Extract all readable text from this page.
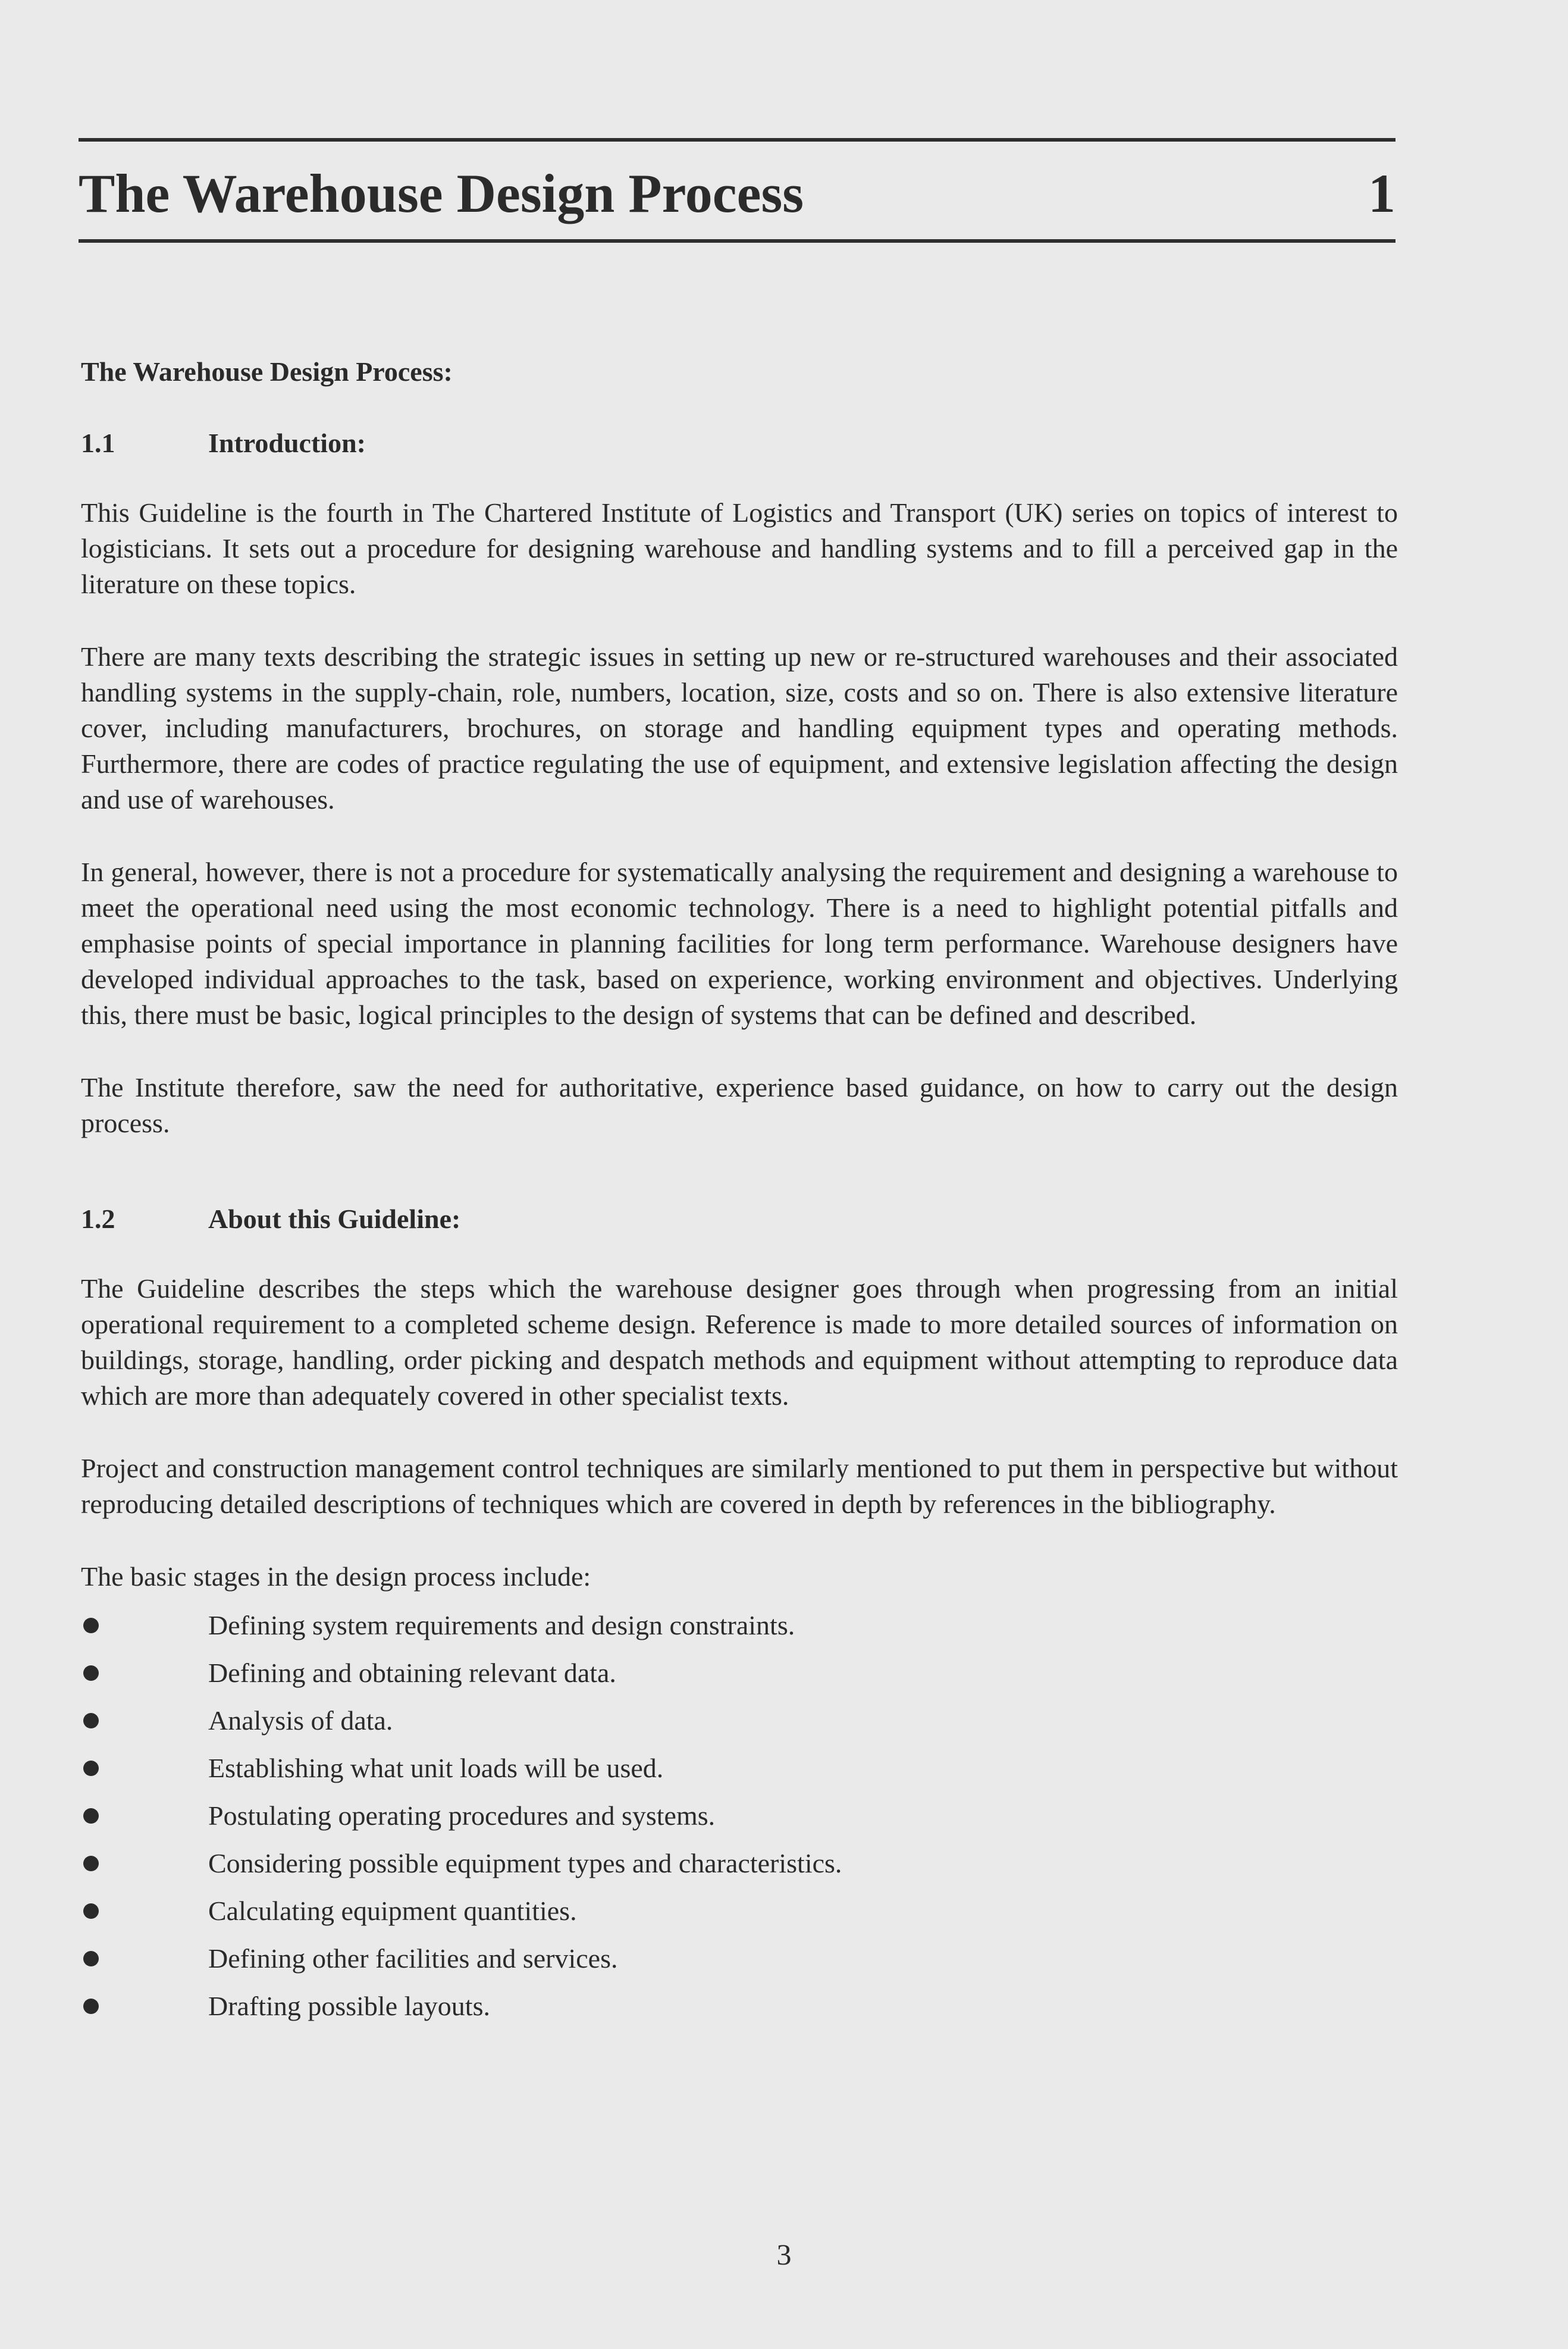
The Warehouse Design Process	1
The Warehouse Design Process:
1.1	Introduction:

This Guideline is the fourth in The Chartered Institute of Logistics and Transport (UK) series on topics of interest to logisticians. It sets out a procedure for designing warehouse and handling systems and to fill a perceived gap in the literature on these topics.

There are many texts describing the strategic issues in setting up new or re-structured warehouses and their associated handling systems in the supply-chain, role, numbers, location, size, costs and so on. There is also extensive literature cover, including manufacturers, brochures, on storage and handling equipment types and operating methods. Furthermore, there are codes of practice regulating the use of equipment, and extensive legislation affecting the design and use of warehouses.

In general, however, there is not a procedure for systematically analysing the requirement and designing a warehouse to meet the operational need using the most economic technology. There is a need to highlight potential pitfalls and emphasise points of special importance in planning facilities for long term performance. Warehouse designers have developed individual approaches to the task, based on experience, working environment and objectives. Underlying this, there must be basic, logical principles to the design of systems that can be defined and described.

The Institute therefore, saw the need for authoritative, experience based guidance, on how to carry out the design process.

1.2	About this Guideline:

The Guideline describes the steps which the warehouse designer goes through when progressing from an initial operational requirement to a completed scheme design. Reference is made to more detailed sources of information on buildings, storage, handling, order picking and despatch methods and equipment without attempting to reproduce data which are more than adequately covered in other specialist texts.

Project and construction management control techniques are similarly mentioned to put them in perspective but without reproducing detailed descriptions of techniques which are covered in depth by references in the bibliography.

The basic stages in the design process include:

Defining system requirements and design constraints.
Defining and obtaining relevant data.
Analysis of data.
Establishing what unit loads will be used.
Postulating operating procedures and systems.
Considering possible equipment types and characteristics.
Calculating equipment quantities.
Defining other facilities and services.
Drafting possible layouts.
3
